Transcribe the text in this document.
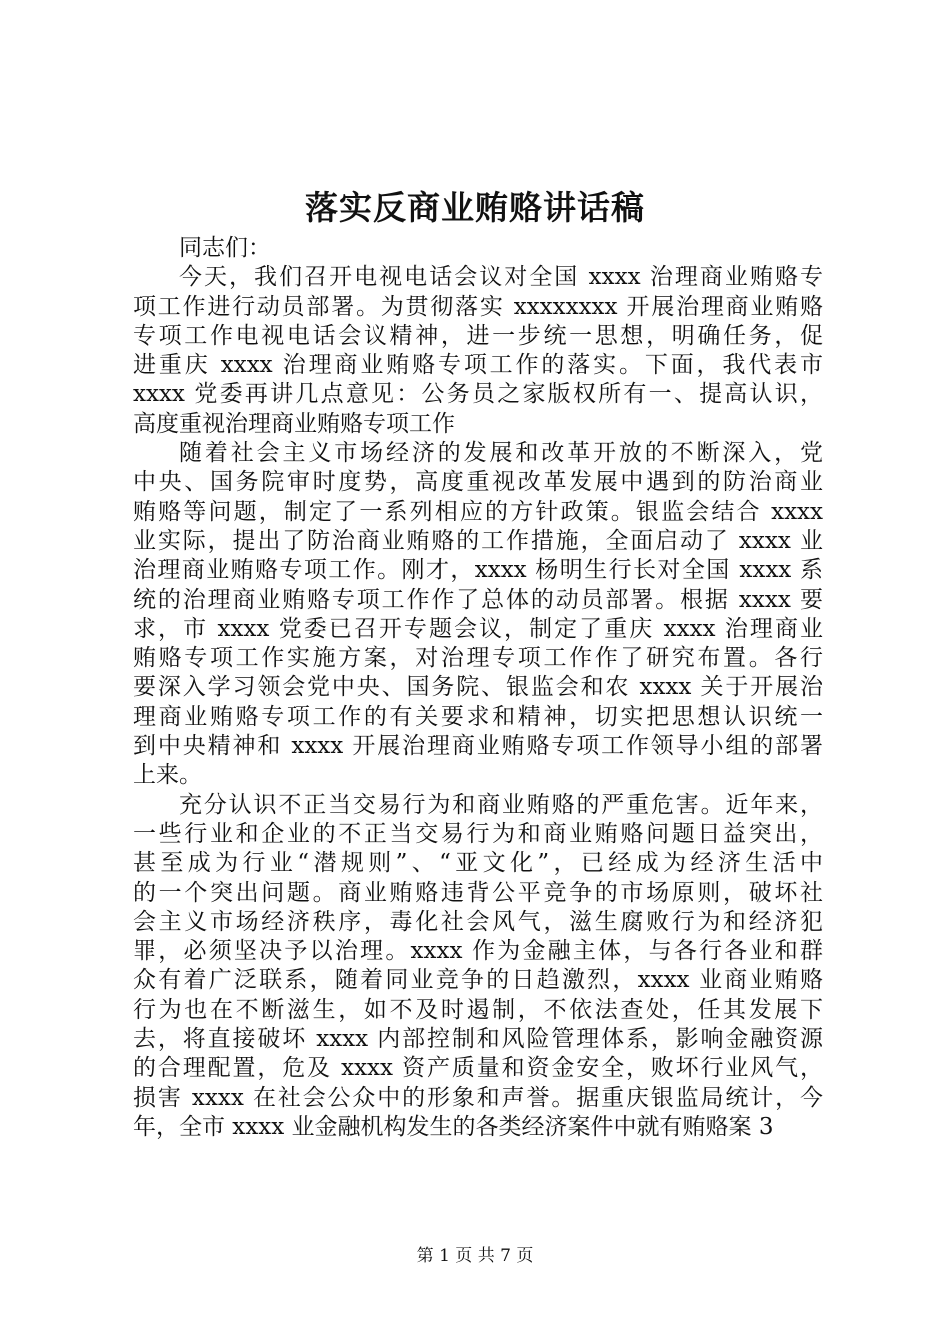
落实反商业贿赂讲话稿
同志们：
今天，我们召开电视电话会议对全国 xxxx 治理商业贿赂专
项工作进行动员部署。为贯彻落实 xxxxxxxx 开展治理商业贿赂
专项工作电视电话会议精神，进一步统一思想，明确任务，促
进重庆 xxxx 治理商业贿赂专项工作的落实。下面，我代表市
xxxx 党委再讲几点意见：公务员之家版权所有一、提高认识，
高度重视治理商业贿赂专项工作
随着社会主义市场经济的发展和改革开放的不断深入，党
中央、国务院审时度势，高度重视改革发展中遇到的防治商业
贿赂等问题，制定了一系列相应的方针政策。银监会结合 xxxx
业实际，提出了防治商业贿赂的工作措施，全面启动了 xxxx 业
治理商业贿赂专项工作。刚才，xxxx 杨明生行长对全国 xxxx 系
统的治理商业贿赂专项工作作了总体的动员部署。根据 xxxx 要
求，市 xxxx 党委已召开专题会议，制定了重庆 xxxx 治理商业
贿赂专项工作实施方案，对治理专项工作作了研究布置。各行
要深入学习领会党中央、国务院、银监会和农 xxxx 关于开展治
理商业贿赂专项工作的有关要求和精神，切实把思想认识统一
到中央精神和 xxxx 开展治理商业贿赂专项工作领导小组的部署
上来。
充分认识不正当交易行为和商业贿赂的严重危害。近年来，
一些行业和企业的不正当交易行为和商业贿赂问题日益突出，
甚至成为行业“潜规则”、“亚文化”，已经成为经济生活中
的一个突出问题。商业贿赂违背公平竞争的市场原则，破坏社
会主义市场经济秩序，毒化社会风气，滋生腐败行为和经济犯
罪，必须坚决予以治理。xxxx 作为金融主体，与各行各业和群
众有着广泛联系，随着同业竞争的日趋激烈，xxxx 业商业贿赂
行为也在不断滋生，如不及时遏制，不依法查处，任其发展下
去，将直接破坏 xxxx 内部控制和风险管理体系，影响金融资源
的合理配置，危及 xxxx 资产质量和资金安全，败坏行业风气，
损害 xxxx 在社会公众中的形象和声誉。据重庆银监局统计，今
年，全市 xxxx 业金融机构发生的各类经济案件中就有贿赂案 3
第 1 页 共 7 页
